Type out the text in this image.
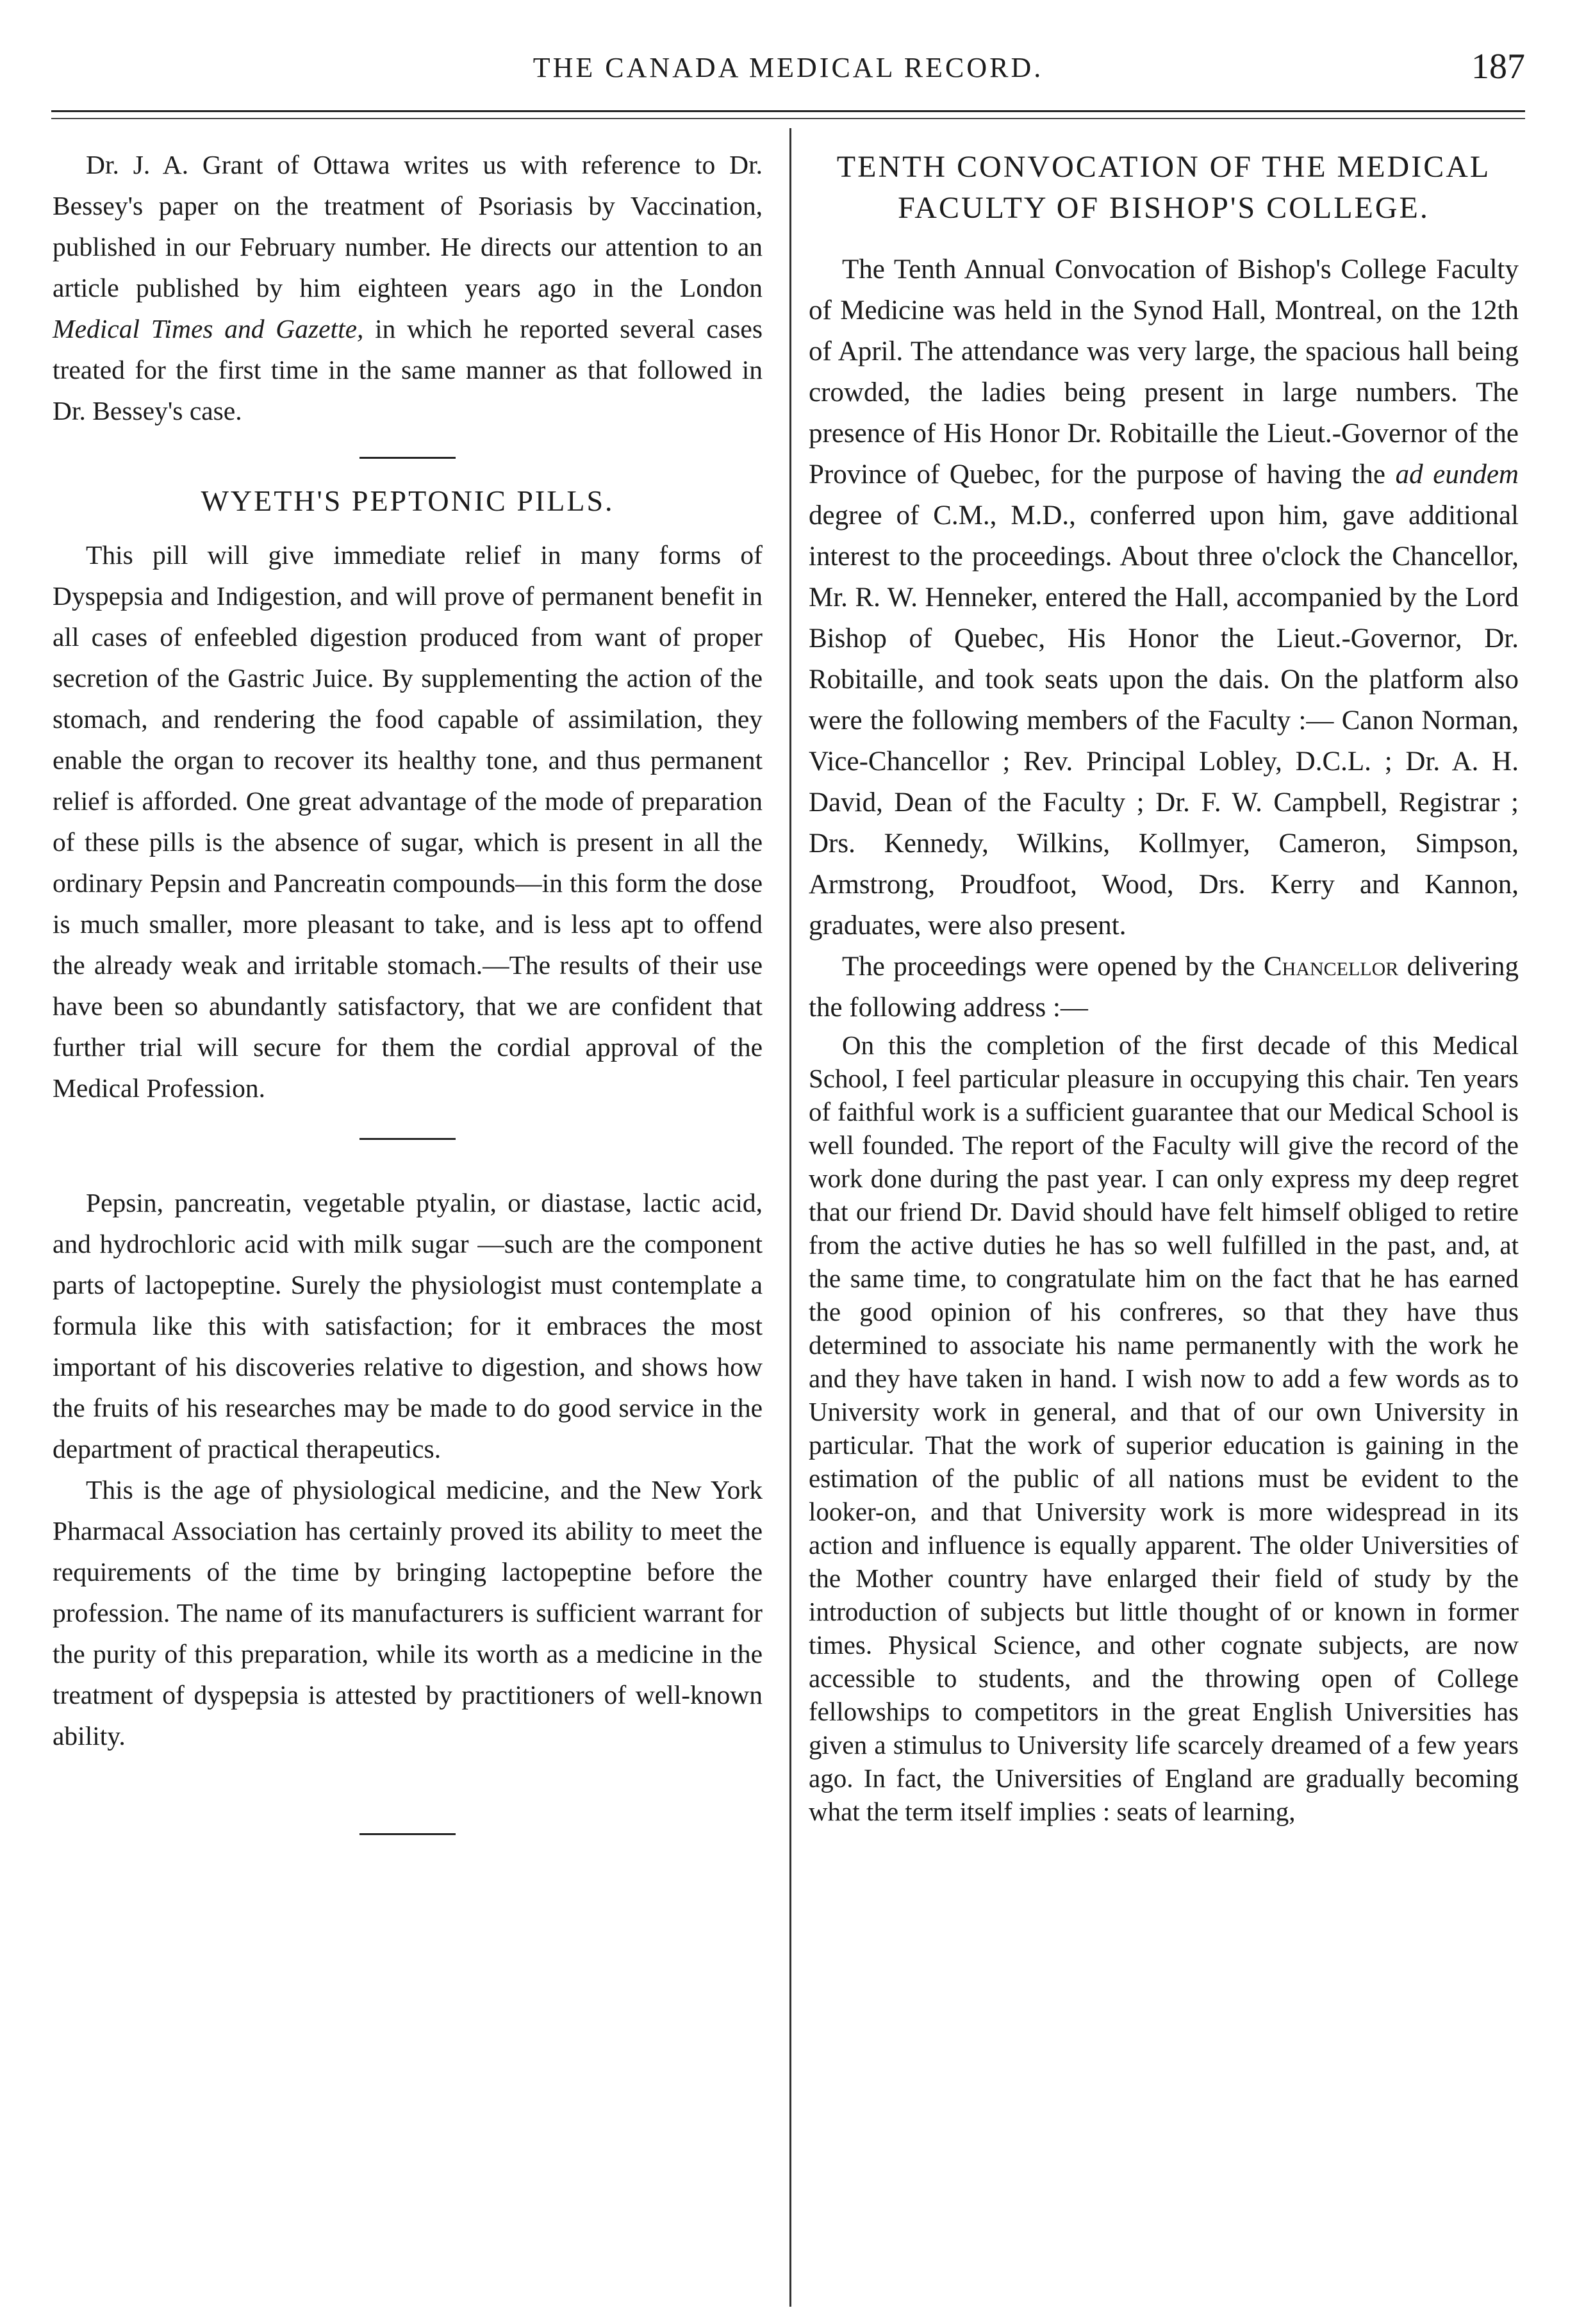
THE CANADA MEDICAL RECORD.	187

Dr. J. A. Grant of Ottawa writes us with reference to Dr. Bessey's paper on the treatment of Psoriasis by Vaccination, published in our February number. He directs our attention to an article published by him eighteen years ago in the London Medical Times and Gazette, in which he reported several cases treated for the first time in the same manner as that followed in Dr. Bessey's case.

WYETH'S PEPTONIC PILLS.

This pill will give immediate relief in many forms of Dyspepsia and Indigestion, and will prove of permanent benefit in all cases of enfeebled digestion produced from want of proper secretion of the Gastric Juice. By supplementing the action of the stomach, and rendering the food capable of assimilation, they enable the organ to recover its healthy tone, and thus permanent relief is afforded. One great advantage of the mode of preparation of these pills is the absence of sugar, which is present in all the ordinary Pepsin and Pancreatin compounds—in this form the dose is much smaller, more pleasant to take, and is less apt to offend the already weak and irritable stomach.—The results of their use have been so abundantly satisfactory, that we are confident that further trial will secure for them the cordial approval of the Medical Profession.

Pepsin, pancreatin, vegetable ptyalin, or diastase, lactic acid, and hydrochloric acid with milk sugar —such are the component parts of lactopeptine. Surely the physiologist must contemplate a formula like this with satisfaction; for it embraces the most important of his discoveries relative to digestion, and shows how the fruits of his researches may be made to do good service in the department of practical therapeutics.

This is the age of physiological medicine, and the New York Pharmacal Association has certainly proved its ability to meet the requirements of the time by bringing lactopeptine before the profession. The name of its manufacturers is sufficient warrant for the purity of this preparation, while its worth as a medicine in the treatment of dyspepsia is attested by practitioners of well-known ability.

TENTH CONVOCATION OF THE MEDICAL FACULTY OF BISHOP'S COLLEGE.

The Tenth Annual Convocation of Bishop's College Faculty of Medicine was held in the Synod Hall, Montreal, on the 12th of April. The attendance was very large, the spacious hall being crowded, the ladies being present in large numbers. The presence of His Honor Dr. Robitaille the Lieut.-Governor of the Province of Quebec, for the purpose of having the ad eundem degree of C.M., M.D., conferred upon him, gave additional interest to the proceedings. About three o'clock the Chancellor, Mr. R. W. Henneker, entered the Hall, accompanied by the Lord Bishop of Quebec, His Honor the Lieut.-Governor, Dr. Robitaille, and took seats upon the dais. On the platform also were the following members of the Faculty :— Canon Norman, Vice-Chancellor ; Rev. Principal Lobley, D.C.L. ; Dr. A. H. David, Dean of the Faculty ; Dr. F. W. Campbell, Registrar ; Drs. Kennedy, Wilkins, Kollmyer, Cameron, Simpson, Armstrong, Proudfoot, Wood, Drs. Kerry and Kannon, graduates, were also present.

The proceedings were opened by the Chancellor delivering the following address :—

On this the completion of the first decade of this Medical School, I feel particular pleasure in occupying this chair. Ten years of faithful work is a sufficient guarantee that our Medical School is well founded. The report of the Faculty will give the record of the work done during the past year. I can only express my deep regret that our friend Dr. David should have felt himself obliged to retire from the active duties he has so well fulfilled in the past, and, at the same time, to congratulate him on the fact that he has earned the good opinion of his confreres, so that they have thus determined to associate his name permanently with the work he and they have taken in hand. I wish now to add a few words as to University work in general, and that of our own University in particular. That the work of superior education is gaining in the estimation of the public of all nations must be evident to the looker-on, and that University work is more widespread in its action and influence is equally apparent. The older Universities of the Mother country have enlarged their field of study by the introduction of subjects but little thought of or known in former times. Physical Science, and other cognate subjects, are now accessible to students, and the throwing open of College fellowships to competitors in the great English Universities has given a stimulus to University life scarcely dreamed of a few years ago. In fact, the Universities of England are gradually becoming what the term itself implies : seats of learning,
